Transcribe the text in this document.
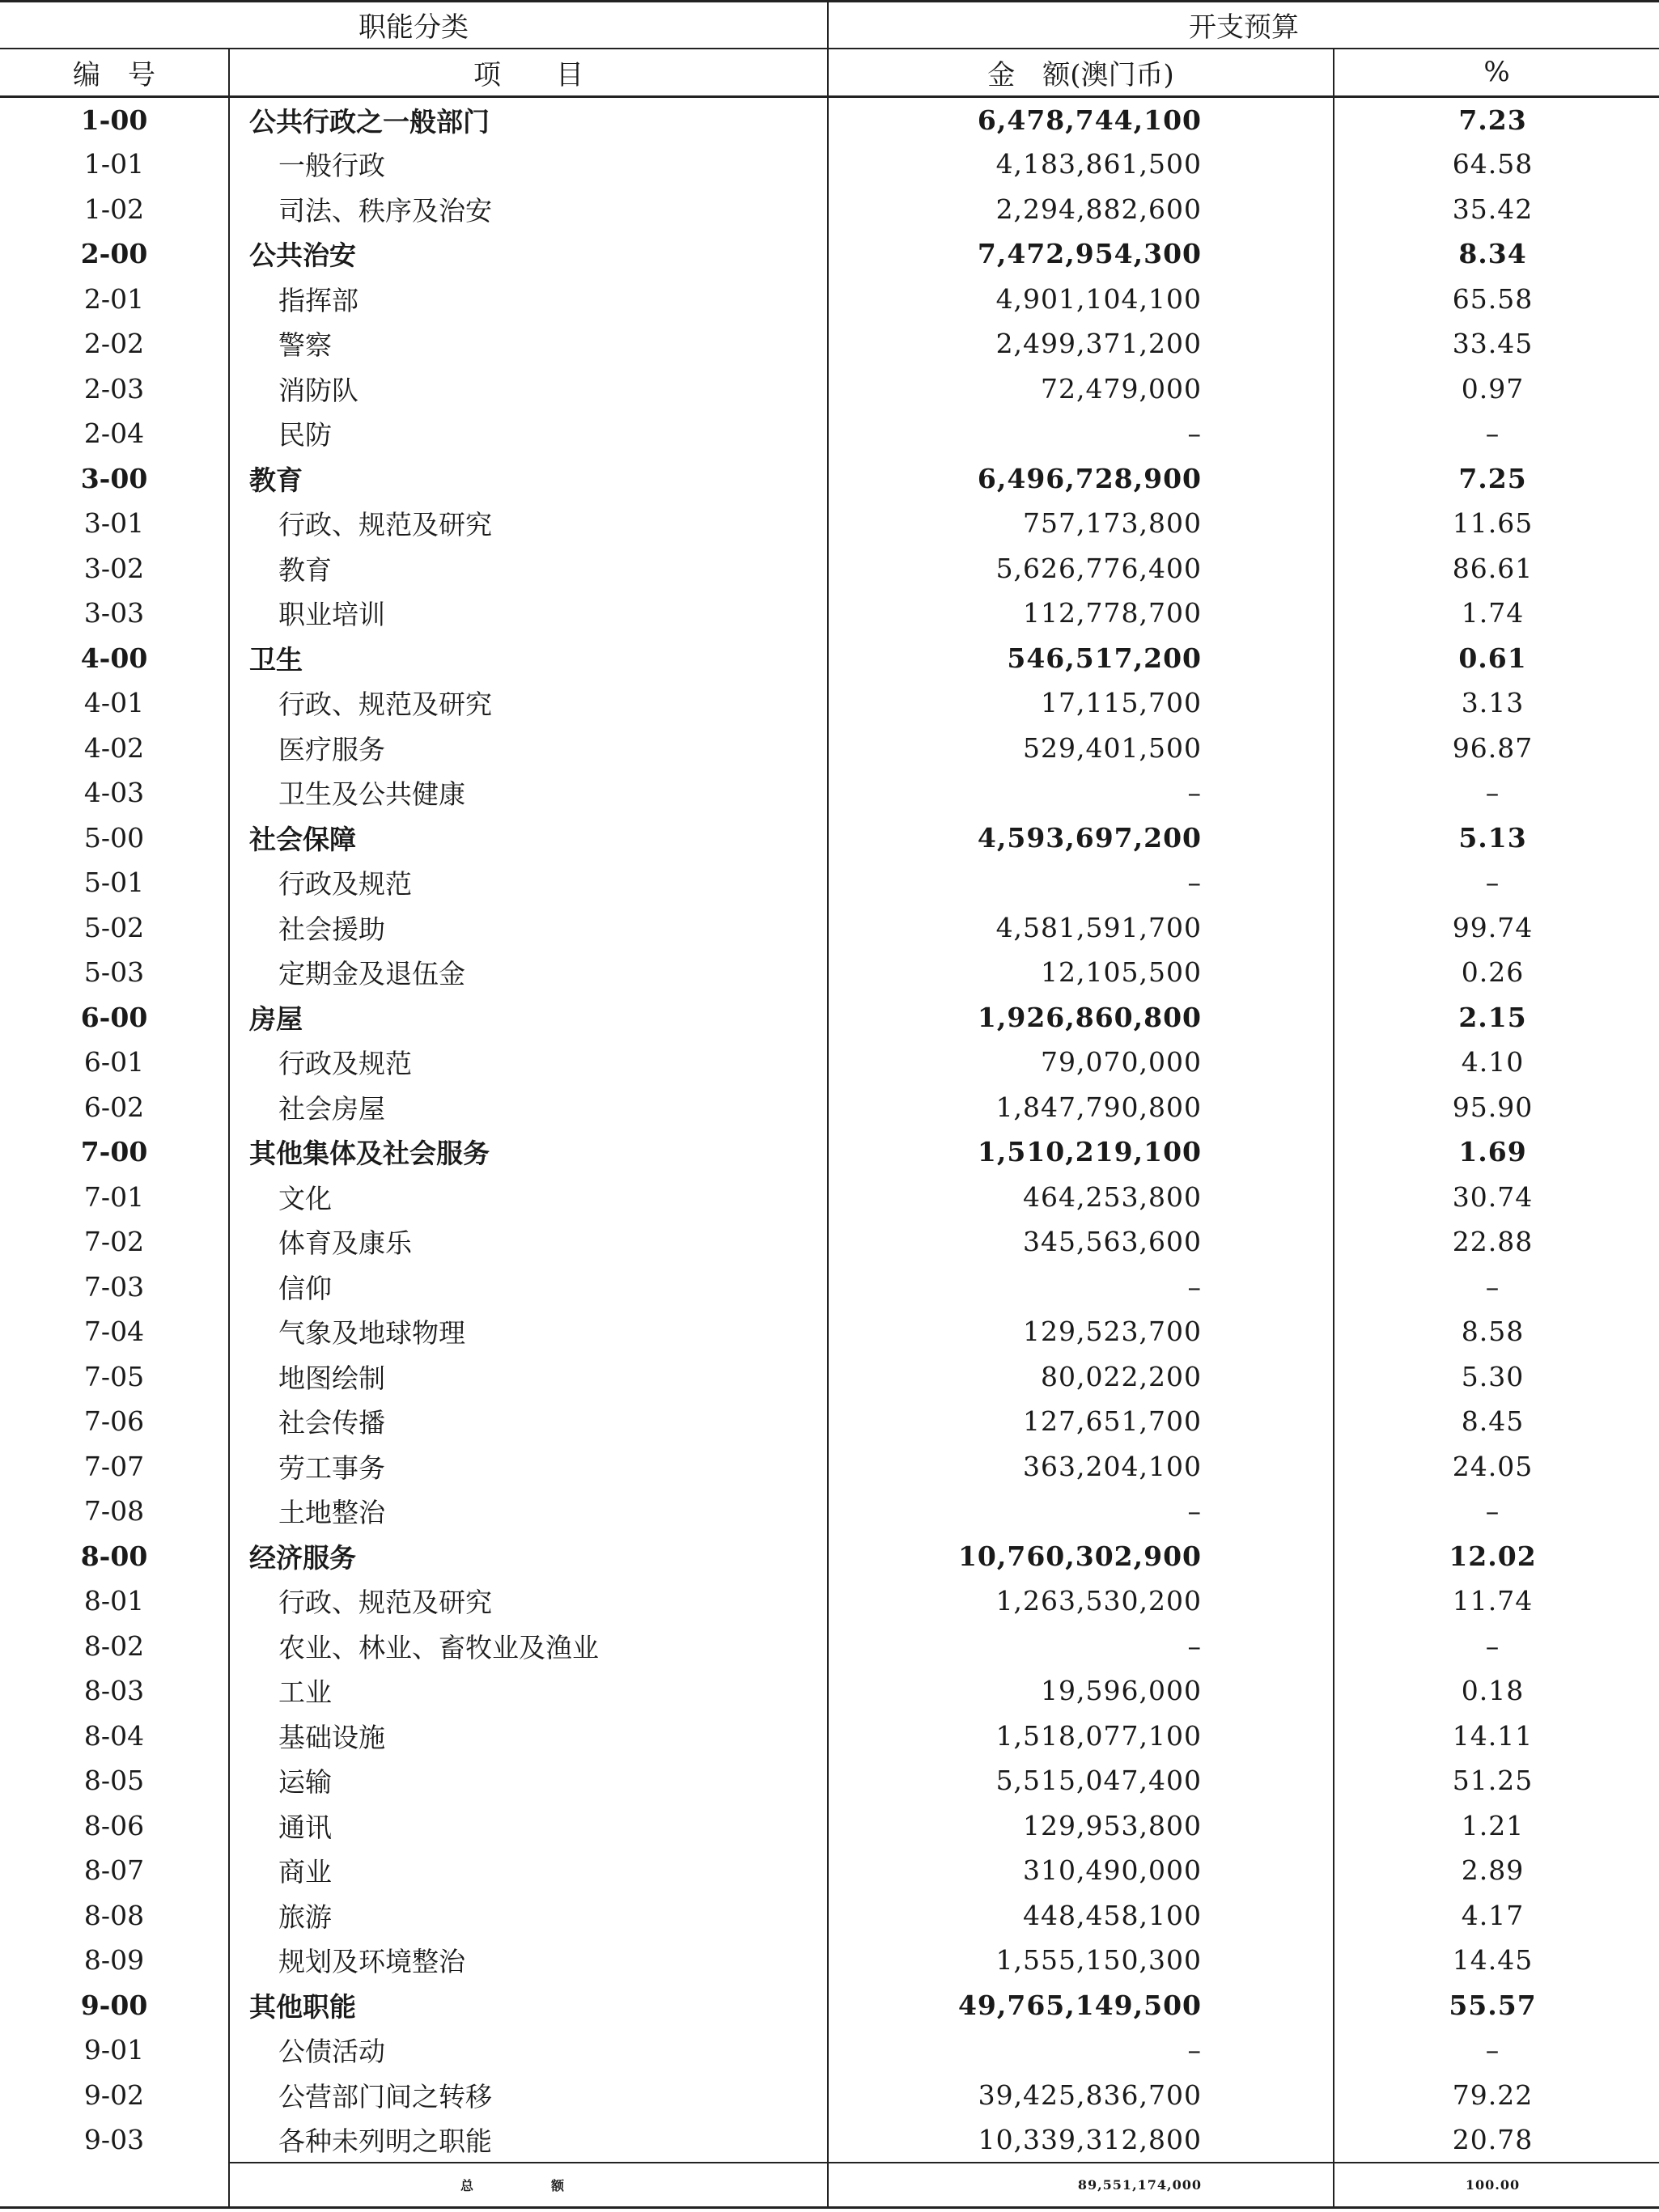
职能分类		开支预算	
编　号	项　　目	金　额(澳门币)	%
1-00	公共行政之一般部门	6,478,744,100	7.23
1-01	一般行政	4,183,861,500	64.58
1-02	司法、秩序及治安	2,294,882,600	35.42
2-00	公共治安	7,472,954,300	8.34
2-01	指挥部	4,901,104,100	65.58
2-02	警察	2,499,371,200	33.45
2-03	消防队	72,479,000	0.97
2-04	民防	–	–
3-00	教育	6,496,728,900	7.25
3-01	行政、规范及研究	757,173,800	11.65
3-02	教育	5,626,776,400	86.61
3-03	职业培训	112,778,700	1.74
4-00	卫生	546,517,200	0.61
4-01	行政、规范及研究	17,115,700	3.13
4-02	医疗服务	529,401,500	96.87
4-03	卫生及公共健康	–	–
5-00	社会保障	4,593,697,200	5.13
5-01	行政及规范	–	–
5-02	社会援助	4,581,591,700	99.74
5-03	定期金及退伍金	12,105,500	0.26
6-00	房屋	1,926,860,800	2.15
6-01	行政及规范	79,070,000	4.10
6-02	社会房屋	1,847,790,800	95.90
7-00	其他集体及社会服务	1,510,219,100	1.69
7-01	文化	464,253,800	30.74
7-02	体育及康乐	345,563,600	22.88
7-03	信仰	–	–
7-04	气象及地球物理	129,523,700	8.58
7-05	地图绘制	80,022,200	5.30
7-06	社会传播	127,651,700	8.45
7-07	劳工事务	363,204,100	24.05
7-08	土地整治	–	–
8-00	经济服务	10,760,302,900	12.02
8-01	行政、规范及研究	1,263,530,200	11.74
8-02	农业、林业、畜牧业及渔业	–	–
8-03	工业	19,596,000	0.18
8-04	基础设施	1,518,077,100	14.11
8-05	运输	5,515,047,400	51.25
8-06	通讯	129,953,800	1.21
8-07	商业	310,490,000	2.89
8-08	旅游	448,458,100	4.17
8-09	规划及环境整治	1,555,150,300	14.45
9-00	其他职能	49,765,149,500	55.57
9-01	公债活动	–	–
9-02	公营部门间之转移	39,425,836,700	79.22
9-03	各种未列明之职能	10,339,312,800	20.78
	总　额	89,551,174,000	100.00
